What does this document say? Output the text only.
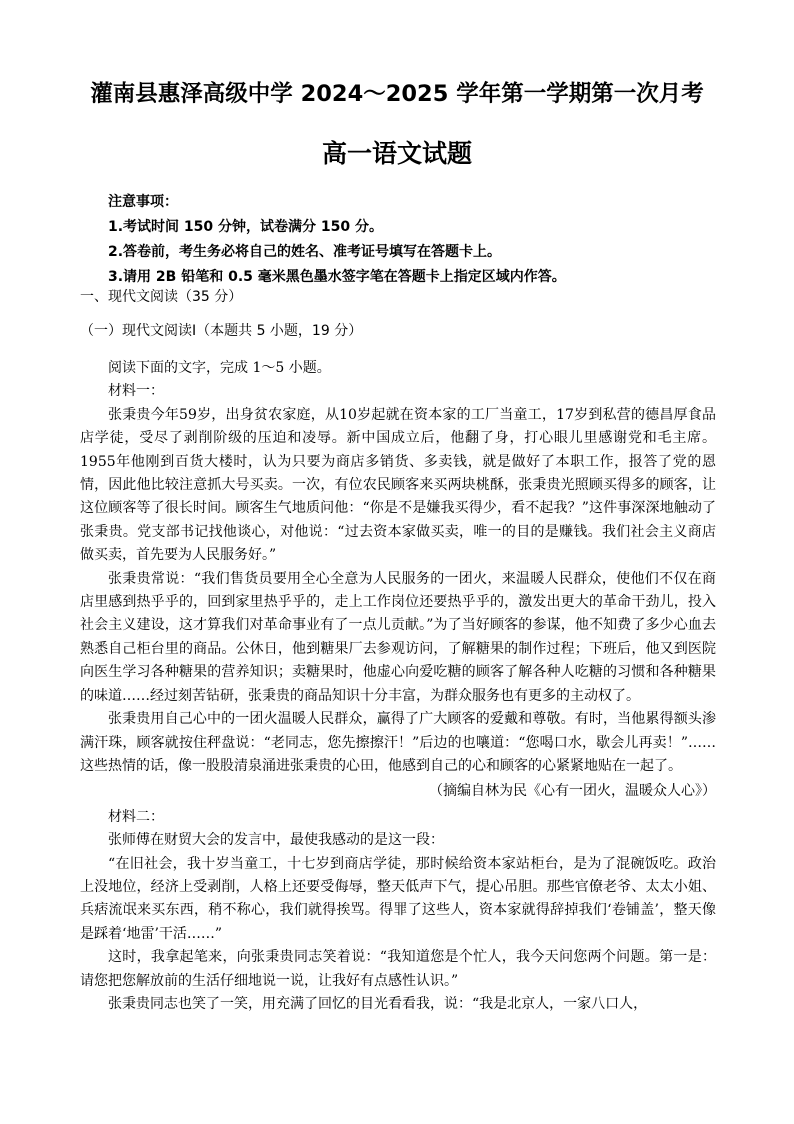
灌南县惠泽高级中学 2024～2025 学年第一学期第一次月考
高一语文试题
注意事项：
1.考试时间 150 分钟，试卷满分 150 分。
2.答卷前，考生务必将自己的姓名、准考证号填写在答题卡上。
3.请用 2B 铅笔和 0.5 毫米黑色墨水签字笔在答题卡上指定区域内作答。
一、现代文阅读（35 分）
（一）现代文阅读Ⅰ（本题共 5 小题，19 分）

阅读下面的文字，完成 1～5 小题。

材料一：

张秉贵今年59岁，出身贫农家庭，从10岁起就在资本家的工厂当童工，17岁到私营的德昌厚食品店学徒，受尽了剥削阶级的压迫和凌辱。新中国成立后，他翻了身，打心眼儿里感谢党和毛主席。1955年他刚到百货大楼时，认为只要为商店多销货、多卖钱，就是做好了本职工作，报答了党的恩情，因此他比较注意抓大号买卖。一次，有位农民顾客来买两块桃酥，张秉贵光照顾买得多的顾客，让这位顾客等了很长时间。顾客生气地质问他：“你是不是嫌我买得少，看不起我？”这件事深深地触动了张秉贵。党支部书记找他谈心，对他说：“过去资本家做买卖，唯一的目的是赚钱。我们社会主义商店做买卖，首先要为人民服务好。”

张秉贵常说：“我们售货员要用全心全意为人民服务的一团火，来温暖人民群众，使他们不仅在商店里感到热乎乎的，回到家里热乎乎的，走上工作岗位还要热乎乎的，激发出更大的革命干劲儿，投入社会主义建设，这才算我们对革命事业有了一点儿贡献。”为了当好顾客的参谋，他不知费了多少心血去熟悉自己柜台里的商品。公休日，他到糖果厂去参观访问，了解糖果的制作过程；下班后，他又到医院向医生学习各种糖果的营养知识；卖糖果时，他虚心向爱吃糖的顾客了解各种人吃糖的习惯和各种糖果的味道……经过刻苦钻研，张秉贵的商品知识十分丰富，为群众服务也有更多的主动权了。

张秉贵用自己心中的一团火温暖人民群众，赢得了广大顾客的爱戴和尊敬。有时，当他累得额头渗满汗珠，顾客就按住秤盘说：“老同志，您先擦擦汗！”后边的也嚷道：“您喝口水，歇会儿再卖！”……这些热情的话，像一股股清泉涌进张秉贵的心田，他感到自己的心和顾客的心紧紧地贴在一起了。

（摘编自林为民《心有一团火，温暖众人心》）

材料二：

张师傅在财贸大会的发言中，最使我感动的是这一段：

“在旧社会，我十岁当童工，十七岁到商店学徒，那时候给资本家站柜台，是为了混碗饭吃。政治上没地位，经济上受剥削，人格上还要受侮辱，整天低声下气，提心吊胆。那些官僚老爷、太太小姐、兵痞流氓来买东西，稍不称心，我们就得挨骂。得罪了这些人，资本家就得辞掉我们‘卷铺盖’，整天像是踩着‘地雷’干活……”

这时，我拿起笔来，向张秉贵同志笑着说：“我知道您是个忙人，我今天问您两个问题。第一是：请您把您解放前的生活仔细地说一说，让我好有点感性认识。”

张秉贵同志也笑了一笑，用充满了回忆的目光看看我，说：“我是北京人，一家八口人，
